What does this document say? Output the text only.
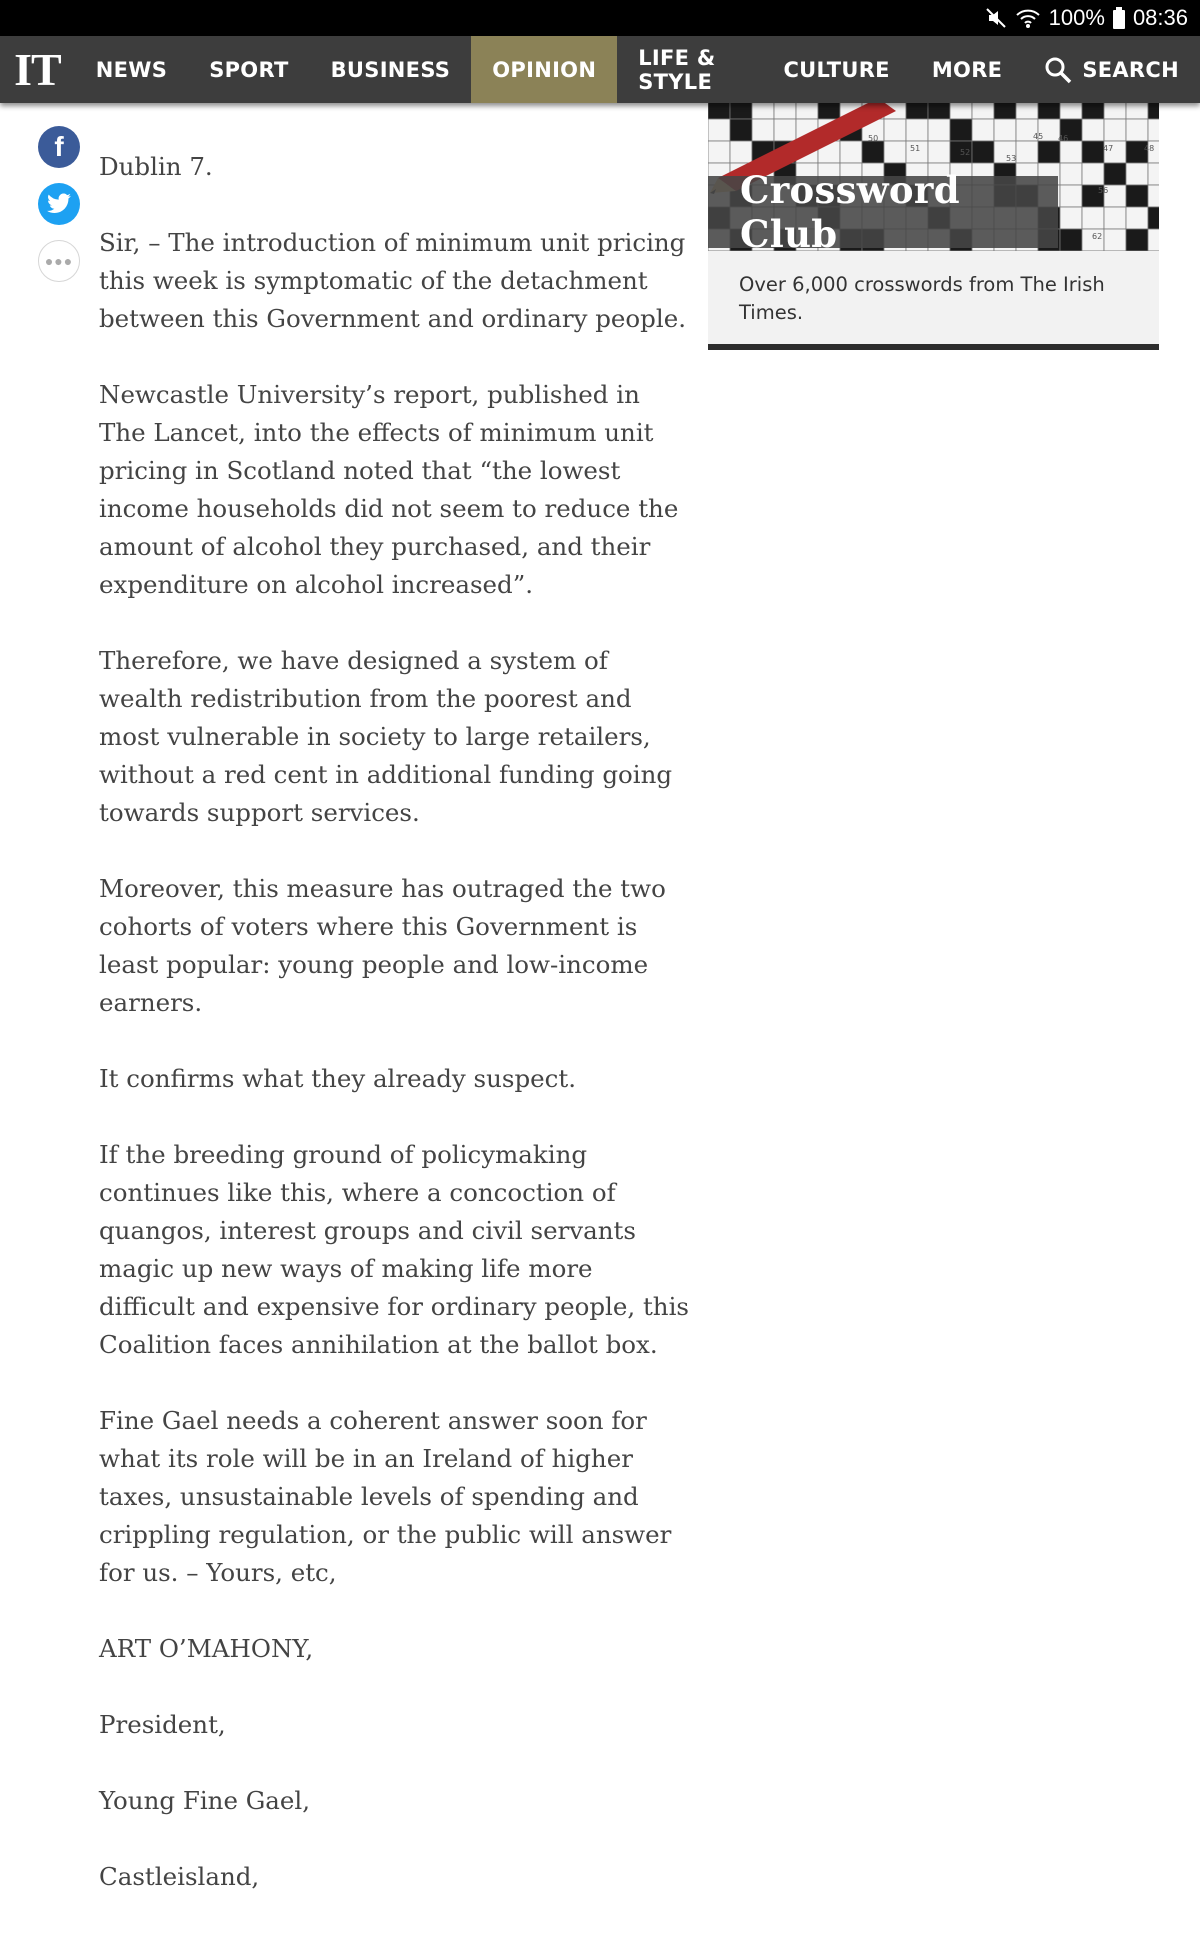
100% 08:36
IT	NEWS	SPORT	BUSINESS	OPINION	LIFE & STYLE	CULTURE	MORE	SEARCH
f
●●●

Dublin 7.

Sir, – The introduction of minimum unit pricing this week is symptomatic of the detachment between this Government and ordinary people.

Newcastle University’s report, published in The Lancet, into the effects of minimum unit pricing in Scotland noted that “the lowest income households did not seem to reduce the amount of alcohol they purchased, and their expenditure on alcohol increased”.

Therefore, we have designed a system of wealth redistribution from the poorest and most vulnerable in society to large retailers, without a red cent in additional funding going towards support services.

Moreover, this measure has outraged the two cohorts of voters where this Government is least popular: young people and low-income earners.

It confirms what they already suspect.

If the breeding ground of policymaking continues like this, where a concoction of quangos, interest groups and civil servants magic up new ways of making life more difficult and expensive for ordinary people, this Coalition faces annihilation at the ballot box.

Fine Gael needs a coherent answer soon for what its role will be in an Ireland of higher taxes, unsustainable levels of spending and crippling regulation, or the public will answer for us. – Yours, etc,

ART O’MAHONY,

President,

Young Fine Gael,

Castleisland,

50
51	52
53
45 46
47	48
56
62
Crossword Club
Over 6,000 crosswords from The Irish Times.
